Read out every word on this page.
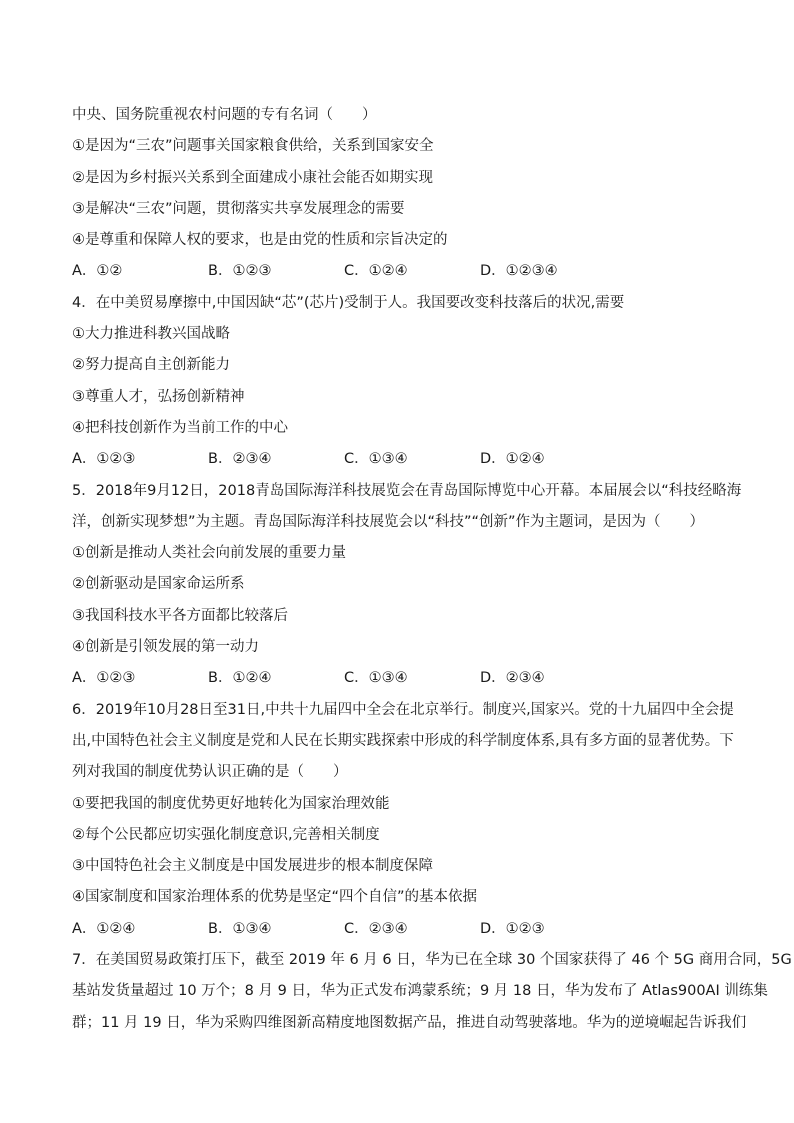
中央、国务院重视农村问题的专有名词（　　）
①是因为“三农”问题事关国家粮食供给，关系到国家安全
②是因为乡村振兴关系到全面建成小康社会能否如期实现
③是解决“三农”问题，贯彻落实共享发展理念的需要
④是尊重和保障人权的要求，也是由党的性质和宗旨决定的
A．①②	B．①②③	C．①②④	D．①②③④
4．在中美贸易摩擦中,中国因缺“芯”(芯片)受制于人。我国要改变科技落后的状况,需要
①大力推进科教兴国战略
②努力提高自主创新能力
③尊重人才，弘扬创新精神
④把科技创新作为当前工作的中心
A．①②③	B．②③④	C．①③④	D．①②④
5．2018年9月12日，2018青岛国际海洋科技展览会在青岛国际博览中心开幕。本届展会以“科技经略海
洋，创新实现梦想”为主题。青岛国际海洋科技展览会以“科技”“创新”作为主题词，是因为（　　）
①创新是推动人类社会向前发展的重要力量
②创新驱动是国家命运所系
③我国科技水平各方面都比较落后
④创新是引领发展的第一动力
A．①②③	B．①②④	C．①③④	D．②③④
6．2019年10月28日至31日,中共十九届四中全会在北京举行。制度兴,国家兴。党的十九届四中全会提
出,中国特色社会主义制度是党和人民在长期实践探索中形成的科学制度体系,具有多方面的显著优势。下
列对我国的制度优势认识正确的是（　　）
①要把我国的制度优势更好地转化为国家治理效能
②每个公民都应切实强化制度意识,完善相关制度
③中国特色社会主义制度是中国发展进步的根本制度保障
④国家制度和国家治理体系的优势是坚定“四个自信”的基本依据
A．①②④	B．①③④	C．②③④	D．①②③
7．在美国贸易政策打压下，截至 2019 年 6 月 6 日，华为已在全球 30 个国家获得了 46 个 5G 商用合同，5G
基站发货量超过 10 万个；8 月 9 日，华为正式发布鸿蒙系统；9 月 18 日，华为发布了 Atlas900AI 训练集
群；11 月 19 日，华为采购四维图新高精度地图数据产品，推进自动驾驶落地。华为的逆境崛起告诉我们
